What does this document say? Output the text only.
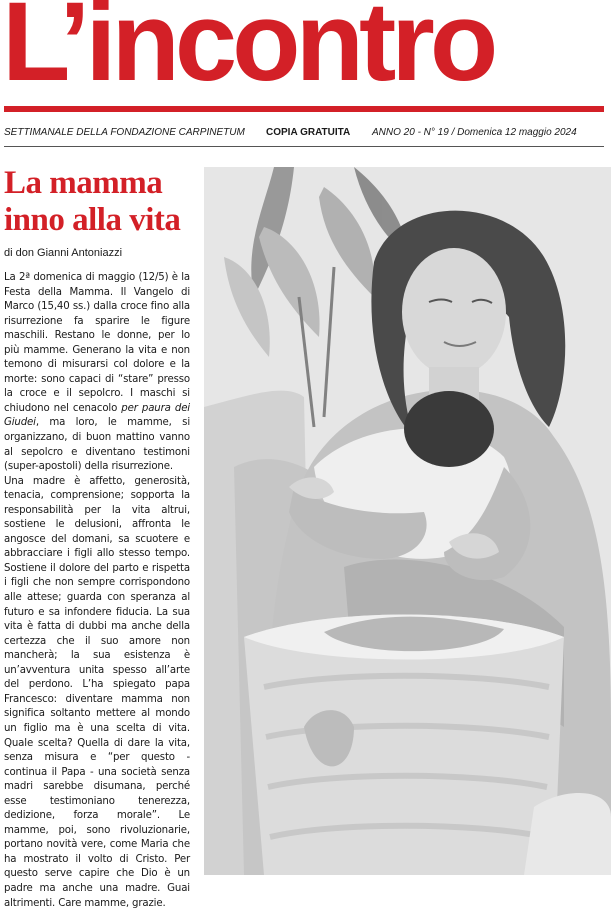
L’incontro
SETTIMANALE DELLA FONDAZIONE CARPINETUM COPIA GRATUITA ANNO 20 - N° 19 / Domenica 12 maggio 2024
La mamma inno alla vita
di don Gianni Antoniazzi

La 2ª domenica di maggio (12/5) è la Festa della Mamma. Il Vangelo di Marco (15,40 ss.) dalla croce fino alla risurrezione fa sparire le figure maschili. Restano le donne, per lo più mamme. Generano la vita e non temono di misurarsi col dolore e la morte: sono capaci di “stare” presso la croce e il sepolcro. I maschi si chiudono nel cenacolo per paura dei Giudei, ma loro, le mamme, si organizzano, di buon mattino vanno al sepolcro e diventano testimoni (super-apostoli) della risurrezione.

Una madre è affetto, generosità, tenacia, comprensione; sopporta la responsabilità per la vita altrui, sostiene le delusioni, affronta le angosce del domani, sa scuotere e abbracciare i figli allo stesso tempo. Sostiene il dolore del parto e rispetta i figli che non sempre corrispondono alle attese; guarda con speranza al futuro e sa infondere fiducia. La sua vita è fatta di dubbi ma anche della certezza che il suo amore non mancherà; la sua esistenza è un’avventura unita spesso all’arte del perdono. L’ha spiegato papa Francesco: diventare mamma non significa soltanto mettere al mondo un figlio ma è una scelta di vita. Quale scelta? Quella di dare la vita, senza misura e “per questo - continua il Papa - una società senza madri sarebbe disumana, perché esse testimoniano tenerezza, dedizione, forza morale”. Le mamme, poi, sono rivoluzionarie, portano novità vere, come Maria che ha mostrato il volto di Cristo. Per questo serve capire che Dio è un padre ma anche una madre. Guai altrimenti. Care mamme, grazie.
